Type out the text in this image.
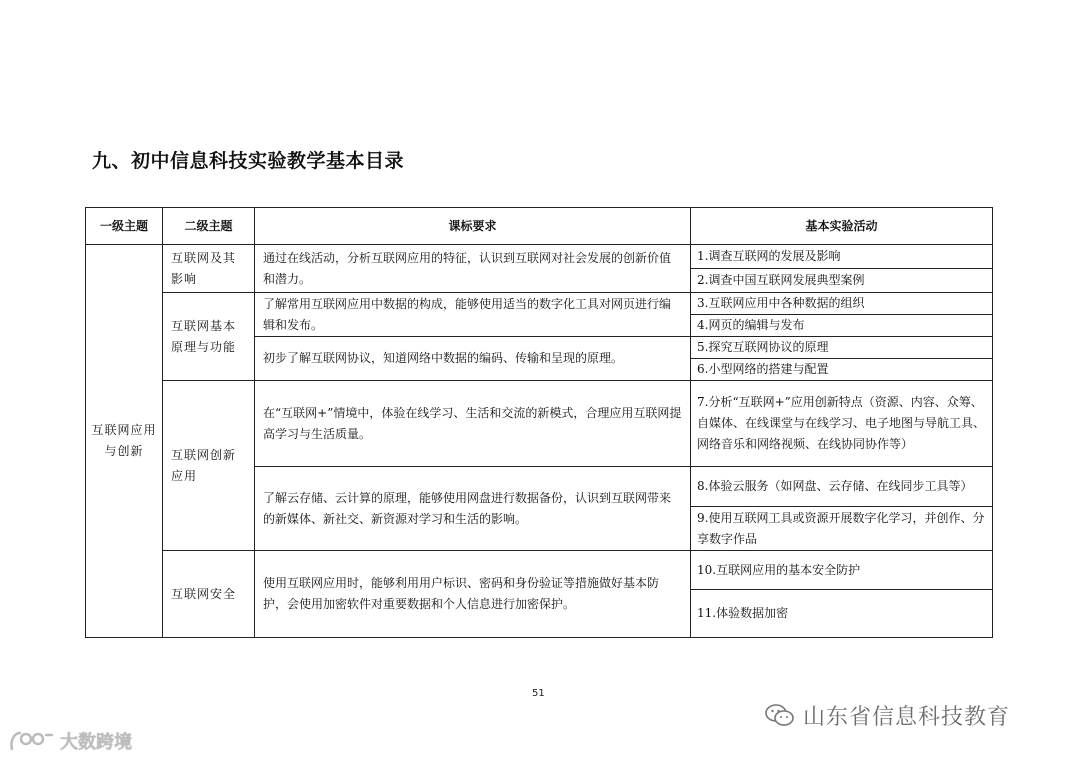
九、初中信息科技实验教学基本目录
一级主题	二级主题	课标要求	基本实验活动
互联网应用与创新	互联网及其影响	通过在线活动，分析互联网应用的特征，认识到互联网对社会发展的创新价值和潜力。	1.调查互联网的发展及影响
			2.调查中国互联网发展典型案例
	互联网基本原理与功能	了解常用互联网应用中数据的构成，能够使用适当的数字化工具对网页进行编辑和发布。	3.互联网应用中各种数据的组织
			4.网页的编辑与发布
		初步了解互联网协议，知道网络中数据的编码、传输和呈现的原理。	5.探究互联网协议的原理
			6.小型网络的搭建与配置
	互联网创新应用	在“互联网+”情境中，体验在线学习、生活和交流的新模式，合理应用互联网提高学习与生活质量。	7.分析“互联网+”应用创新特点（资源、内容、众筹、自媒体、在线课堂与在线学习、电子地图与导航工具、网络音乐和网络视频、在线协同协作等）
		了解云存储、云计算的原理，能够使用网盘进行数据备份，认识到互联网带来的新媒体、新社交、新资源对学习和生活的影响。	8.体验云服务（如网盘、云存储、在线同步工具等）
			9.使用互联网工具或资源开展数字化学习，并创作、分享数字作品
	互联网安全	使用互联网应用时，能够利用用户标识、密码和身份验证等措施做好基本防护，会使用加密软件对重要数据和个人信息进行加密保护。	10.互联网应用的基本安全防护
			11.体验数据加密
51
山东省信息科技教育
大数跨境
